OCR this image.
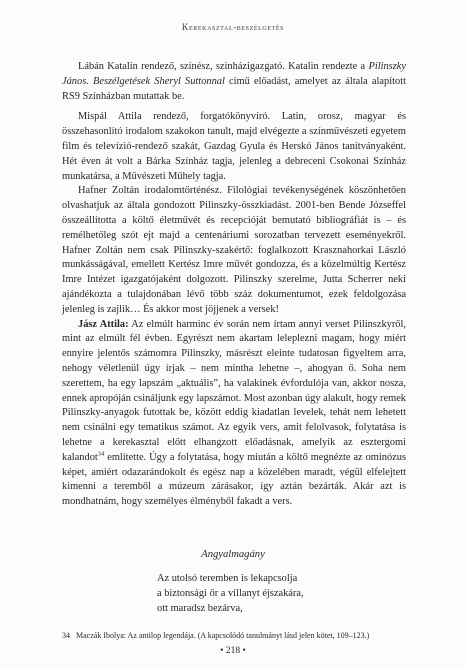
Kerekasztal-beszélgetés

Lábán Katalin rendező, színész, színházigazgató. Katalin rendezte a Pilinszky János. Beszélgetések Sheryl Suttonnal című előadást, amelyet az általa alapított RS9 Színházban mutattak be.

Mispál Attila rendező, forgatókönyvíró. Latin, orosz, magyar és összehasonlító irodalom szakokon tanult, majd elvégezte a színművészeti egyetem film és televízió-rendező szakát, Gazdag Gyula és Herskó János tanítványaként. Hét éven át volt a Bárka Színház tagja, jelenleg a debreceni Csokonai Színház munkatársa, a Művészeti Műhely tagja.

Hafner Zoltán irodalomtörténész. Filológiai tevékenységének köszönhetően olvashatjuk az általa gondozott Pilinszky-összkiadást. 2001-ben Bende Józseffel összeállította a költő életművét és recepcióját bemutató bibliográfiát is – és remélhetőleg szót ejt majd a centenáriumi sorozatban tervezett eseményekről. Hafner Zoltán nem csak Pilinszky-szakértő: foglalkozott Krasznahorkai László munkásságával, emellett Kertész Imre művét gondozza, és a közelmúltig Kertész Imre Intézet igazgatójaként dolgozott. Pilinszky szerelme, Jutta Scherrer neki ajándékozta a tulajdonában lévő több száz dokumentumot, ezek feldolgozása jelenleg is zajlik… És akkor most jöjjenek a versek!

Jász Attila: Az elmúlt harminc év során nem írtam annyi verset Pilinszkyről, mint az elmúlt fél évben. Egyrészt nem akartam leleplezni magam, hogy miért ennyire jelentős számomra Pilinszky, másrészt eleinte tudatosan figyeltem arra, nehogy véletlenül úgy írjak – nem mintha lehetne –, ahogyan ő. Soha nem szerettem, ha egy lapszám „aktuális”, ha valakinek évfordulója van, akkor nosza, ennek apropóján csináljunk egy lapszámot. Most azonban úgy alakult, hogy remek Pilinszky-anyagok futottak be, között eddig kiadatlan levelek, tehát nem lehetett nem csinálni egy tematikus számot. Az egyik vers, amit felolvasok, folytatása is lehetne a kerekasztal előtt elhangzott előadásnak, amelyik az esztergomi kalandot$^{34}$ említette. Úgy a folytatása, hogy miután a költő megnézte az ominózus képet, amiért odazarándokolt és egész nap a közelében maradt, végül elfelejtett kimenni a teremből a múzeum zárásakor, így aztán bezárták. Akár azt is mondhatnám, hogy személyes élményből fakadt a vers.

Angyalmagány
Az utolsó teremben is lekapcsolja
a biztonsági őr a villanyt éjszakára,
ott maradsz bezárva,
34 Maczák Ibolya: Az antilop legendája. (A kapcsolódó tanulmányt lásd jelen kötet, 109–123.)
• 218 •
